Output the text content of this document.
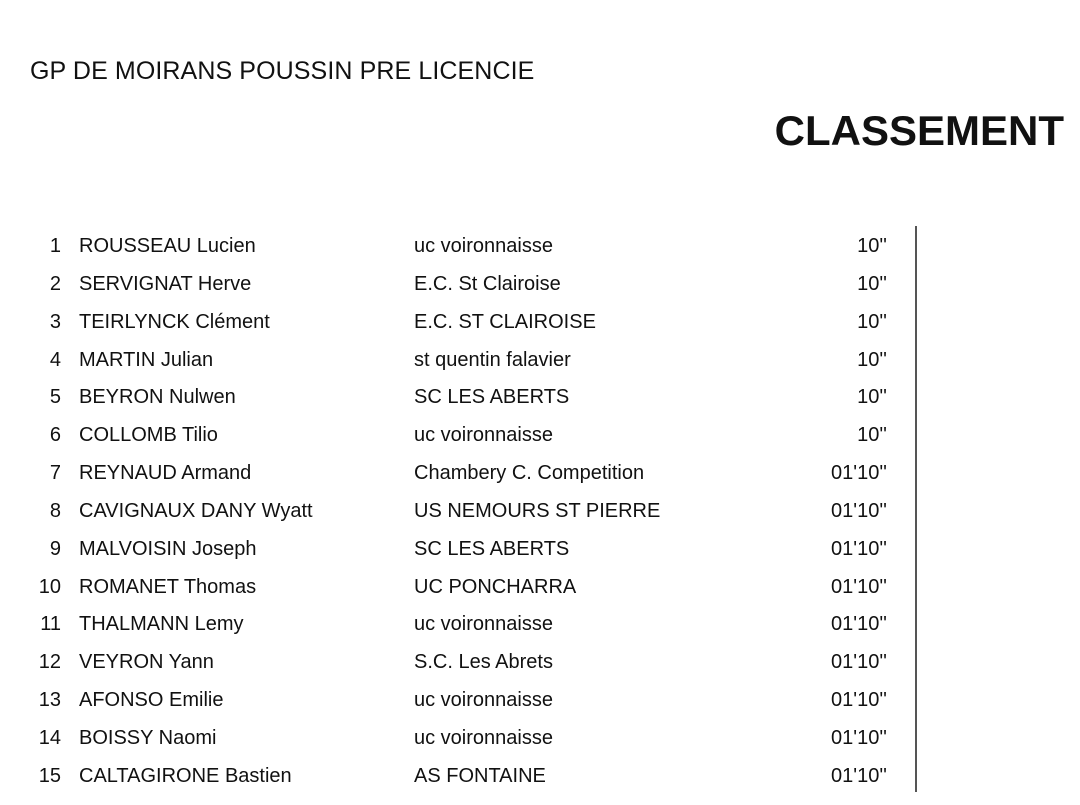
GP DE MOIRANS POUSSIN PRE LICENCIE
CLASSEMENT
1 ROUSSEAU Lucien	uc voironnaisse	10''
2 SERVIGNAT Herve	E.C. St Clairoise	10''
3 TEIRLYNCK Clément	E.C. ST CLAIROISE	10''
4 MARTIN Julian	st quentin falavier	10''
5 BEYRON Nulwen	SC LES ABERTS	10''
6 COLLOMB Tilio	uc voironnaisse	10''
7 REYNAUD Armand	Chambery C. Competition	01'10''
8 CAVIGNAUX DANY Wyatt	US NEMOURS ST PIERRE	01'10''
9 MALVOISIN Joseph	SC LES ABERTS	01'10''
10 ROMANET Thomas	UC PONCHARRA	01'10''
11 THALMANN Lemy	uc voironnaisse	01'10''
12 VEYRON Yann	S.C. Les Abrets	01'10''
13 AFONSO Emilie	uc voironnaisse	01'10''
14 BOISSY Naomi	uc voironnaisse	01'10''
15 CALTAGIRONE Bastien	AS FONTAINE	01'10''
